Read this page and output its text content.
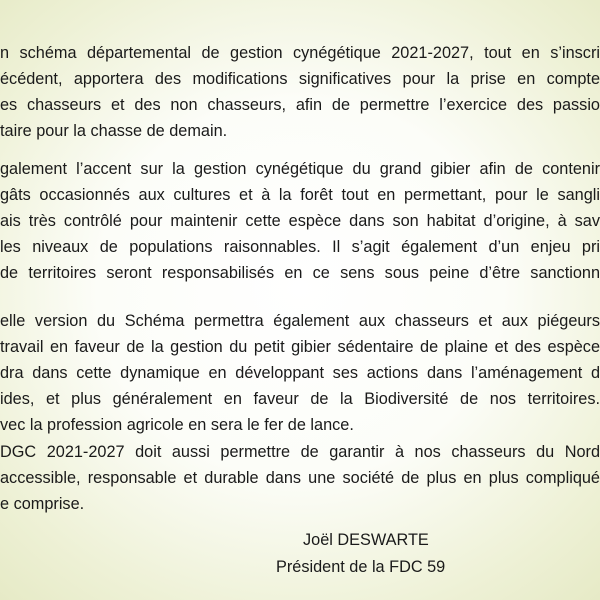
n schéma départemental de gestion cynégétique 2021-2027, tout en s’inscri
écédent, apportera des modifications significatives pour la prise en compte
es chasseurs et des non chasseurs, afin de permettre l’exercice des passio
taire pour la chasse de demain.
galement l’accent sur la gestion cynégétique du grand gibier afin de contenir
gâts occasionnés aux cultures et à la forêt tout en permettant, pour le sangli
ais très contrôlé pour maintenir cette espèce dans son habitat d’origine, à sav
les niveaux de populations raisonnables. Il s’agit également d’un enjeu pri
de territoires seront responsabilisés en ce sens sous peine d’être sanctionn
elle version du Schéma permettra également aux chasseurs et aux piégeurs
travail en faveur de la gestion du petit gibier sédentaire de plaine et des espèce
dra dans cette dynamique en développant ses actions dans l’aménagement d
ides, et plus généralement en faveur de la Biodiversité de nos territoires.
vec la profession agricole en sera le fer de lance.
DGC 2021-2027 doit aussi permettre de garantir à nos chasseurs du Nord
accessible, responsable et durable dans une société de plus en plus compliqué
e comprise.
Joël DESWARTE
Président de la FDC 59
